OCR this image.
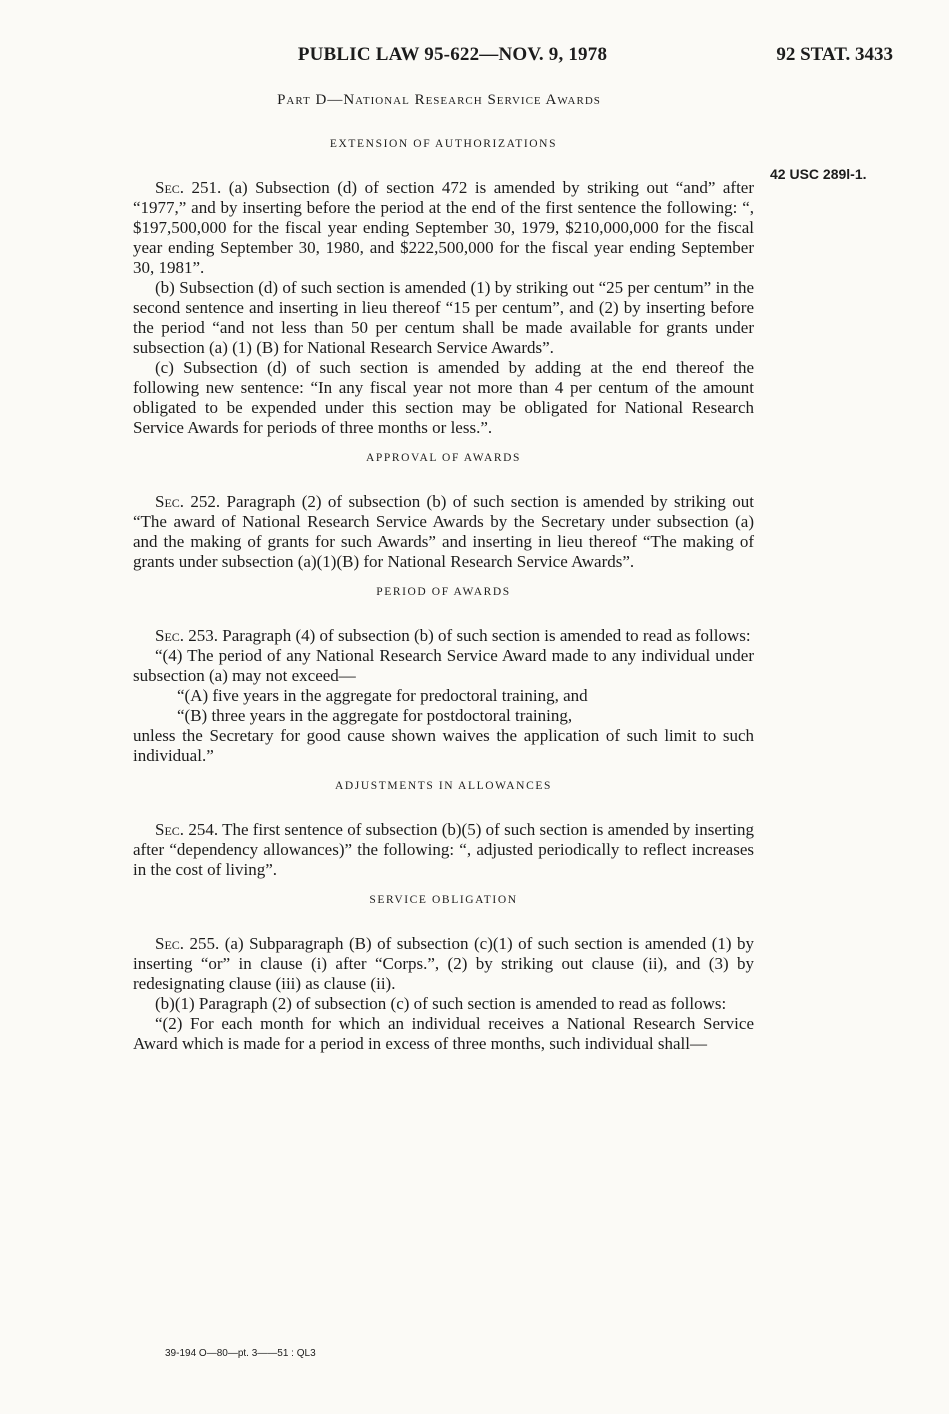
PUBLIC LAW 95-622—NOV. 9, 1978	92 STAT. 3433
Part D—National Research Service Awards
42 USC 289l-1.
EXTENSION OF AUTHORIZATIONS

Sec. 251. (a) Subsection (d) of section 472 is amended by striking out “and” after “1977,” and by inserting before the period at the end of the first sentence the following: “, $197,500,000 for the fiscal year ending September 30, 1979, $210,000,000 for the fiscal year ending September 30, 1980, and $222,500,000 for the fiscal year ending September 30, 1981”.

(b) Subsection (d) of such section is amended (1) by striking out “25 per centum” in the second sentence and inserting in lieu thereof “15 per centum”, and (2) by inserting before the period “and not less than 50 per centum shall be made available for grants under subsection (a) (1) (B) for National Research Service Awards”.

(c) Subsection (d) of such section is amended by adding at the end thereof the following new sentence: “In any fiscal year not more than 4 per centum of the amount obligated to be expended under this section may be obligated for National Research Service Awards for periods of three months or less.”.

APPROVAL OF AWARDS

Sec. 252. Paragraph (2) of subsection (b) of such section is amended by striking out “The award of National Research Service Awards by the Secretary under subsection (a) and the making of grants for such Awards” and inserting in lieu thereof “The making of grants under subsection (a)(1)(B) for National Research Service Awards”.

PERIOD OF AWARDS

Sec. 253. Paragraph (4) of subsection (b) of such section is amended to read as follows:

“(4) The period of any National Research Service Award made to any individual under subsection (a) may not exceed—

“(A) five years in the aggregate for predoctoral training, and

“(B) three years in the aggregate for postdoctoral training,

unless the Secretary for good cause shown waives the application of such limit to such individual.”

ADJUSTMENTS IN ALLOWANCES

Sec. 254. The first sentence of subsection (b)(5) of such section is amended by inserting after “dependency allowances)” the following: “, adjusted periodically to reflect increases in the cost of living”.

SERVICE OBLIGATION

Sec. 255. (a) Subparagraph (B) of subsection (c)(1) of such section is amended (1) by inserting “or” in clause (i) after “Corps.”, (2) by striking out clause (ii), and (3) by redesignating clause (iii) as clause (ii).

(b)(1) Paragraph (2) of subsection (c) of such section is amended to read as follows:

“(2) For each month for which an individual receives a National Research Service Award which is made for a period in excess of three months, such individual shall—

39-194 O—80—pt. 3——51 : QL3
